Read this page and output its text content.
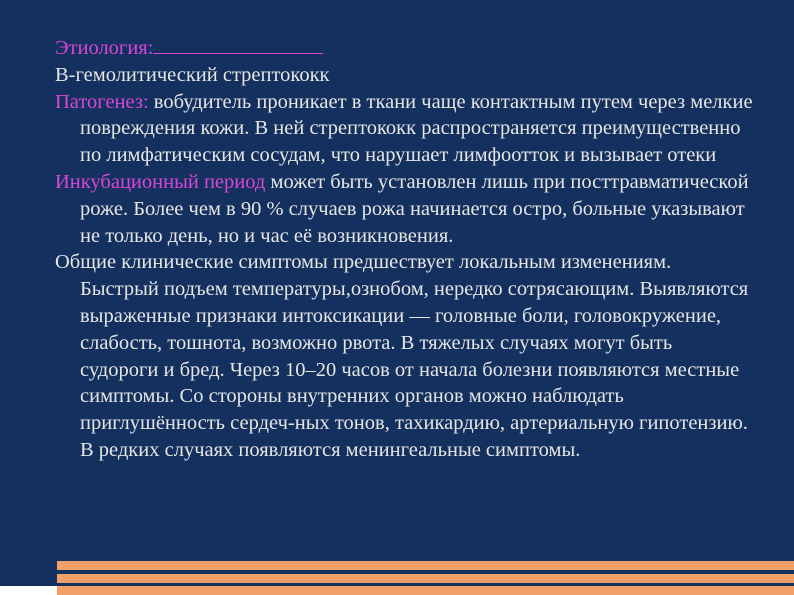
Этиология:

B-гемолитический стрептококк

Патогенез: вобудитель проникает в ткани чаще контактным путем через мелкие повреждения кожи. В ней стрептококк распространяется преимущественно по лимфатическим сосудам, что нарушает лимфоотток и вызывает отеки

Инкубационный период может быть установлен лишь при посттравматической роже. Более чем в 90 % случаев рожа начинается остро, больные указывают не только день, но и час её возникновения.

Общие клинические симптомы предшествует локальным изменениям. Быстрый подъем температуры,ознобом, нередко сотрясающим. Выявляются выраженные признаки интоксикации — головные боли, головокружение, слабость, тошнота, возможно рвота. В тяжелых случаях могут быть судороги и бред. Через 10–20 часов от начала болезни появляются местные симптомы. Со стороны внутренних органов можно наблюдать приглушённость сердеч-ных тонов, тахикардию, артериальную гипотензию. В редких случаях появляются менингеальные симптомы.
